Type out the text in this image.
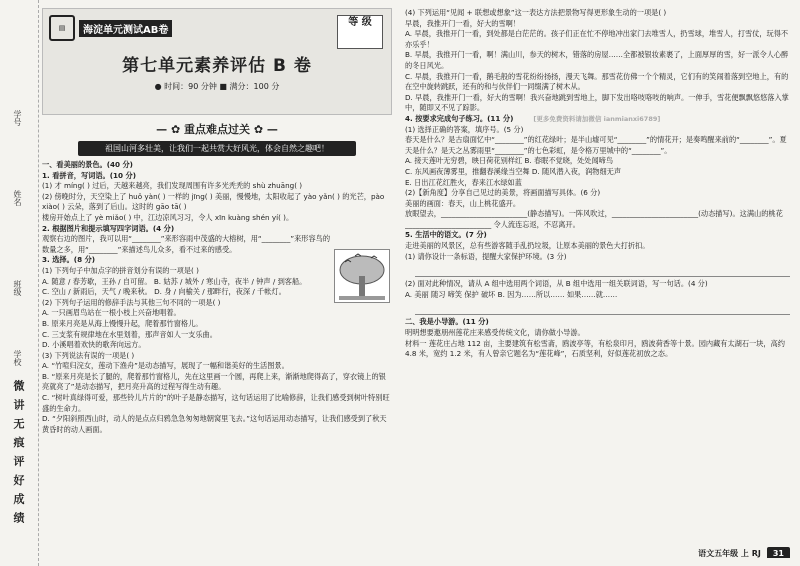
学号
姓名
班级
学校
微 讲 无 痕 评 好 成 绩
▤	海淀单元测试AB卷
等 级
第七单元素养评估 B 卷
● 时间：90 分钟 ■ 满分：100 分
— ✿ 重点难点过关 ✿ —
祖国山河多壮美，让我们一起共赏大好风光，体会自然之趣吧！

一、看美丽的景色。(40 分)

1. 看拼音，写词语。(10 分)

(1) 才 míng( ) 过后，天越来越亮，我们发现周围有许多光秃秃的 shù zhuāng( )

(2) 傍晚时分，天空染上了 huǒ yàn( ) 一样的 jīng( ) 美丽，慢慢地，太阳收起了 yào yǎn( ) 的光芒，pào xiào( ) 云朵，落到了后山。这时的 gāo tā( )

楼房开始点上了 yè miǎo( ) 中，江边凉风习习，令人 xīn kuàng shén yí( )。

2. 根据图片和提示填写四字词语。(4 分)

观察右边的图片，我可以用“________”来形容雨中茂盛的大榕树，用“________”来形容鸟的数量之多，用“________”来描述鸟儿众多，看不过来的感受。

3. 选择。(8 分)

(1) 下列句子中加点字的拼音划分有误的一项是( )

A. 随意 / 春芳歇，王孙 / 自可留。 B. 姑苏 / 城外 / 寒山寺，夜半 / 钟声 / 到客船。

C. 空山 / 新雨后，天气 / 晚来秋。 D. 身 / 向榆关 / 那畔行，夜深 / 千帐灯。

(2) 下列句子运用的修辞手法与其他三句不同的一项是( )

A. 一只画眉鸟站在一根小枝上兴奋地唱着。

B. 原来月亮是从海上慢慢升起，爬着那竹窗格儿。

C. 三支浆有规律地在水里划着，那声音如人一支乐曲。

D. 小溪唱着欢快的歌奔向远方。

(3) 下列说法有误的一项是( )

A. “竹喧归浣女，莲动下渔舟”是动态描写，展现了一幅和谐美好的生活图景。

B. “原来月亮是长了腿的，爬着那竹窗格儿，先在这里画一个圆，再爬上来，渐渐地爬得高了，穿衣镜上的银亮就亮了”是动态描写，把月亮升高的过程写得生动有趣。

C. “树叶真绿得可爱，那些铃儿片片的”的叶子是静态描写，这句话运用了比喻修辞，让我们感受到树叶特别旺盛的生命力。

D. “夕阳斜照西山时，动人的是点点归鸦急急匆匆地朝窝里飞去。”这句话运用动态描写，让我们感受到了秋天黄昏时的动人画面。

(4) 下列运用“见闻 + 联想或想象”这一表达方法把景物写得更形象生动的一项是( )

早晨，我推开门一看，好大的雪啊！

A. 早晨，我推开门一看，到处都是白茫茫的。孩子们正在忙不停地冲出家门去堆雪人，扔雪球，堆雪人，打雪仗，玩得不亦乐乎！

B. 早晨，我推开门一看，啊！满山川，参天的树木，错落的房屋……全都被银妆素裹了，上面厚厚的雪，好一派令人心醉的冬日风光。

C. 早晨，我推开门一看，鹅毛般的雪花纷纷扬扬，漫天飞舞。那雪花仿佛一个个精灵，它们有的笑闹着落到空地上，有的在空中旋转跳跃，还有的和与伙伴们一同缀满了树木从。

D. 早晨，我推开门一看，好大的雪啊！我兴奋地跳到雪地上，脚下发出咯吱咯吱的响声。一伸手，雪花便飘飘悠悠落入掌中，随即又不见了踪影。

4. 按要求完成句子练习。(11 分)	[更多免费资料请加微信 ianmianxi6789]

(1) 选择正确的答案，填序号。(5 分)

春天是什么？是古扇面忆中“________”的红花绿叶；是半山墟可见“________”的情花开；是奏鸣醒来前的“________”。夏天是什么？是天之丛雾雨里“________”的七色彩虹，是令格万里城中的“________”。

A. 接天莲叶无穷碧，映日荷花别样红 B. 春眠不觉晓，处处闻啼鸟

C. 东风画夜薄雾里，推翻春溪缘当空舞 D. 随风潜入夜，润物细无声

E. 日出江花红胜火，春来江水绿如蓝

(2)【新角度】分享自己见过的美景，将画面描写具体。(6 分)

美丽的画面：春天，山上桃花盛开。

放眼望去，________________________(静态描写)。一阵风吹过，________________________(动态描写)。这满山的桃花________________________ 令人流连忘返，不忍离开。

5. 生活中的语文。(7 分)

走进美丽的风景区，总有些游客随手乱扔垃圾，让原本美丽的景色大打折扣。

(1) 请你设计一条标语，提醒大家保护环境。(3 分)

(2) 面对此种情况，请从 A 组中选用两个词语，从 B 组中选用一组关联词语，写一句话。(4 分)

A. 美丽 随习 啼笑 保护 破坏 B. 因为……所以…… 如果……就……

二、我是小导游。(11 分)

明明想要邀朋州莲花庄来感受传统文化，请你做小导游。

材料一 莲花庄占地 112 亩，主要建筑有松雪斋，鸥波亭等，有松泉印月，鸥波荷香等十景。园内藏有太湖石一块，高约 4.8 米，宽约 1.2 米，有人曾亲它题名为“莲花峰”，石质坚利，好似莲花初放之态。

语文五年级 上 RJ	31
